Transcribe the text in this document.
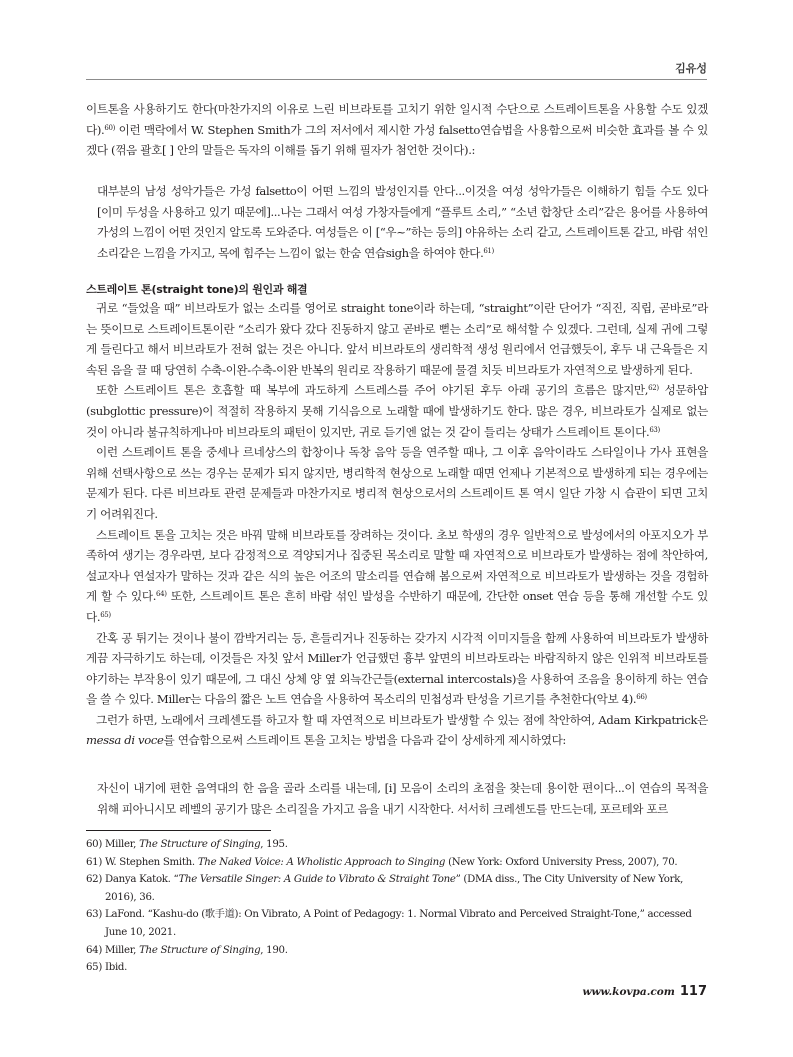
김유성

이트톤을 사용하기도 한다(마찬가지의 이유로 느린 비브라토를 고치기 위한 일시적 수단으로 스트레이트톤을 사용할 수도 있겠다).$^{60)}$ 이런 맥락에서 W. Stephen Smith가 그의 저서에서 제시한 가성 falsetto연습법을 사용함으로써 비슷한 효과를 볼 수 있겠다 (꺾음 괄호[ ] 안의 말들은 독자의 이해를 돕기 위해 필자가 첨언한 것이다).:

대부분의 남성 성악가들은 가성 falsetto이 어떤 느낌의 발성인지를 안다...이것을 여성 성악가들은 이해하기 힘들 수도 있다 [이미 두성을 사용하고 있기 때문에]...나는 그래서 여성 가창자들에게 “플루트 소리,” “소년 합창단 소리”같은 용어를 사용하여 가성의 느낌이 어떤 것인지 알도록 도와준다. 여성들은 이 [“우~”하는 등의] 야유하는 소리 같고, 스트레이트톤 같고, 바람 섞인 소리같은 느낌을 가지고, 목에 힘주는 느낌이 없는 한숨 연습sigh을 하여야 한다.$^{61)}$

스트레이트 톤(straight tone)의 원인과 해결

귀로 “들었을 때” 비브라토가 없는 소리를 영어로 straight tone이라 하는데, “straight”이란 단어가 “직진, 직립, 곧바로”라는 뜻이므로 스트레이트톤이란 “소리가 왔다 갔다 진동하지 않고 곧바로 뻗는 소리”로 해석할 수 있겠다. 그런데, 실제 귀에 그렇게 들린다고 해서 비브라토가 전혀 없는 것은 아니다. 앞서 비브라토의 생리학적 생성 원리에서 언급했듯이, 후두 내 근육들은 지속된 음을 끌 때 당연히 수축-이완-수축-이완 반복의 원리로 작용하기 때문에 물결 치듯 비브라토가 자연적으로 발생하게 된다.

또한 스트레이트 톤은 호흡할 때 복부에 과도하게 스트레스를 주어 야기된 후두 아래 공기의 흐름은 많지만,$^{62)}$ 성문하압(subglottic pressure)이 적절히 작용하지 못해 기식음으로 노래할 때에 발생하기도 한다. 많은 경우, 비브라토가 실제로 없는 것이 아니라 불규칙하게나마 비브라토의 패턴이 있지만, 귀로 듣기엔 없는 것 같이 들리는 상태가 스트레이트 톤이다.$^{63)}$

이런 스트레이트 톤을 중세나 르네상스의 합창이나 독창 음악 등을 연주할 때나, 그 이후 음악이라도 스타일이나 가사 표현을 위해 선택사항으로 쓰는 경우는 문제가 되지 않지만, 병리학적 현상으로 노래할 때면 언제나 기본적으로 발생하게 되는 경우에는 문제가 된다. 다른 비브라토 관련 문제들과 마찬가지로 병리적 현상으로서의 스트레이트 톤 역시 일단 가창 시 습관이 되면 고치기 어려워진다.

스트레이트 톤을 고치는 것은 바꿔 말해 비브라토를 장려하는 것이다. 초보 학생의 경우 일반적으로 발성에서의 아포지오가 부족하여 생기는 경우라면, 보다 감정적으로 격양되거나 집중된 목소리로 말할 때 자연적으로 비브라토가 발생하는 점에 착안하여, 설교자나 연설자가 말하는 것과 같은 식의 높은 어조의 말소리를 연습해 봄으로써 자연적으로 비브라토가 발생하는 것을 경험하게 할 수 있다.$^{64)}$ 또한, 스트레이트 톤은 흔히 바람 섞인 발성을 수반하기 때문에, 간단한 onset 연습 등을 통해 개선할 수도 있다.$^{65)}$

간혹 공 튀기는 것이나 불이 깜박거리는 등, 흔들리거나 진동하는 갖가지 시각적 이미지들을 함께 사용하여 비브라토가 발생하게끔 자극하기도 하는데, 이것들은 자칫 앞서 Miller가 언급했던 흉부 앞면의 비브라토라는 바람직하지 않은 인위적 비브라토를 야기하는 부작용이 있기 때문에, 그 대신 상체 양 옆 외늑간근들(external intercostals)을 사용하여 조음을 용이하게 하는 연습을 쓸 수 있다. Miller는 다음의 짧은 노트 연습을 사용하여 목소리의 민첩성과 탄성을 기르기를 추천한다(악보 4).$^{66)}$

그런가 하면, 노래에서 크레센도를 하고자 할 때 자연적으로 비브라토가 발생할 수 있는 점에 착안하여, Adam Kirkpatrick은 messa di voce를 연습함으로써 스트레이트 톤을 고치는 방법을 다음과 같이 상세하게 제시하였다:

자신이 내기에 편한 음역대의 한 음을 골라 소리를 내는데, [i] 모음이 소리의 초점을 찾는데 용이한 편이다...이 연습의 목적을 위해 피아니시모 레벨의 공기가 많은 소리질을 가지고 음을 내기 시작한다. 서서히 크레센도를 만드는데, 포르테와 포르

60) Miller, The Structure of Singing, 195.

61) W. Stephen Smith. The Naked Voice: A Wholistic Approach to Singing (New York: Oxford University Press, 2007), 70.

62) Danya Katok. “The Versatile Singer: A Guide to Vibrato & Straight Tone” (DMA diss., The City University of New York, 2016), 36.

63) LaFond. “Kashu-do (歌手道): On Vibrato, A Point of Pedagogy: 1. Normal Vibrato and Perceived Straight-Tone,” accessed June 10, 2021.

64) Miller, The Structure of Singing, 190.

65) Ibid.

www.kovpa.com 117
